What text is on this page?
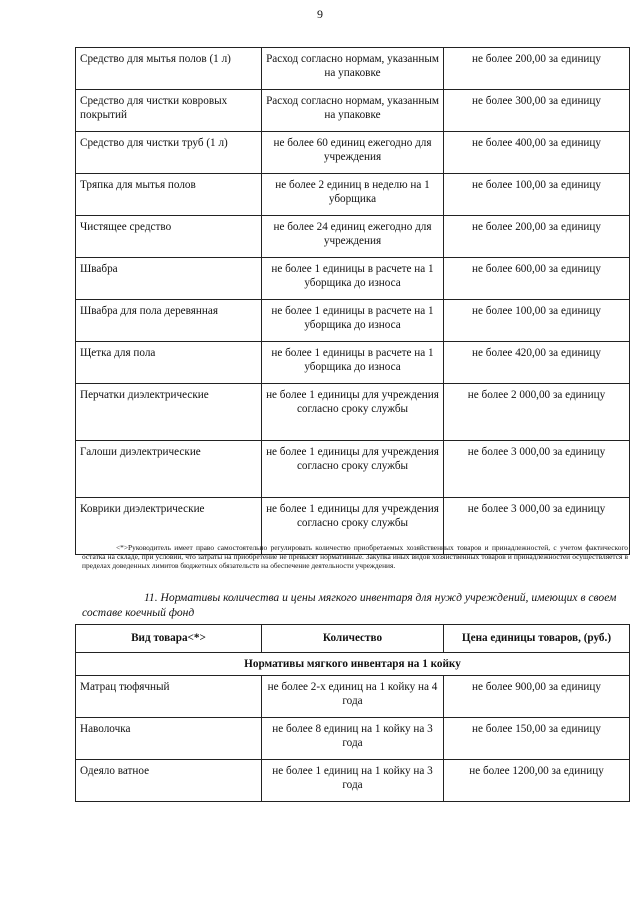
9
Средство для мытья полов (1 л)	Расход согласно нормам, указанным на упаковке	не более 200,00 за единицу
Средство для чистки ковровых покрытий	Расход согласно нормам, указанным на упаковке	не более 300,00 за единицу
Средство для чистки труб (1 л)	не более 60 единиц ежегодно для учреждения	не более 400,00 за единицу
Тряпка для мытья полов	не более 2 единиц в неделю на 1 уборщика	не более 100,00 за единицу
Чистящее средство	не более 24 единиц ежегодно для учреждения	не более 200,00 за единицу
Швабра	не более 1 единицы в расчете на 1 уборщика до износа	не более 600,00 за единицу
Швабра для пола деревянная	не более 1 единицы в расчете на 1 уборщика до износа	не более 100,00 за единицу
Щетка для пола	не более 1 единицы в расчете на 1 уборщика до износа	не более 420,00 за единицу
Перчатки диэлектрические	не более 1 единицы для учреждения согласно сроку службы	не более 2 000,00 за единицу
Галоши диэлектрические	не более 1 единицы для учреждения согласно сроку службы	не более 3 000,00 за единицу
Коврики диэлектрические	не более 1 единицы для учреждения согласно сроку службы	не более 3 000,00 за единицу
<*>Руководитель имеет право самостоятельно регулировать количество приобретаемых хозяйственных товаров и принадлежностей, с учетом фактического остатка на складе, при условии, что затраты на приобретение не превысят нормативные. Закупка иных видов хозяйственных товаров и принадлежностей осуществляется в пределах доведенных лимитов бюджетных обязательств на обеспечение деятельности учреждения.
11. Нормативы количества и цены мягкого инвентаря для нужд учреждений, имеющих в своем составе коечный фонд
Вид товара<*>	Количество	Цена единицы товаров, (руб.)
Нормативы мягкого инвентаря на 1 койку		
Матрац тюфячный	не более 2-х единиц на 1 койку на 4 года	не более 900,00 за единицу
Наволочка	не более 8 единиц на 1 койку на 3 года	не более 150,00 за единицу
Одеяло ватное	не более 1 единиц на 1 койку на 3 года	не более 1200,00 за единицу
